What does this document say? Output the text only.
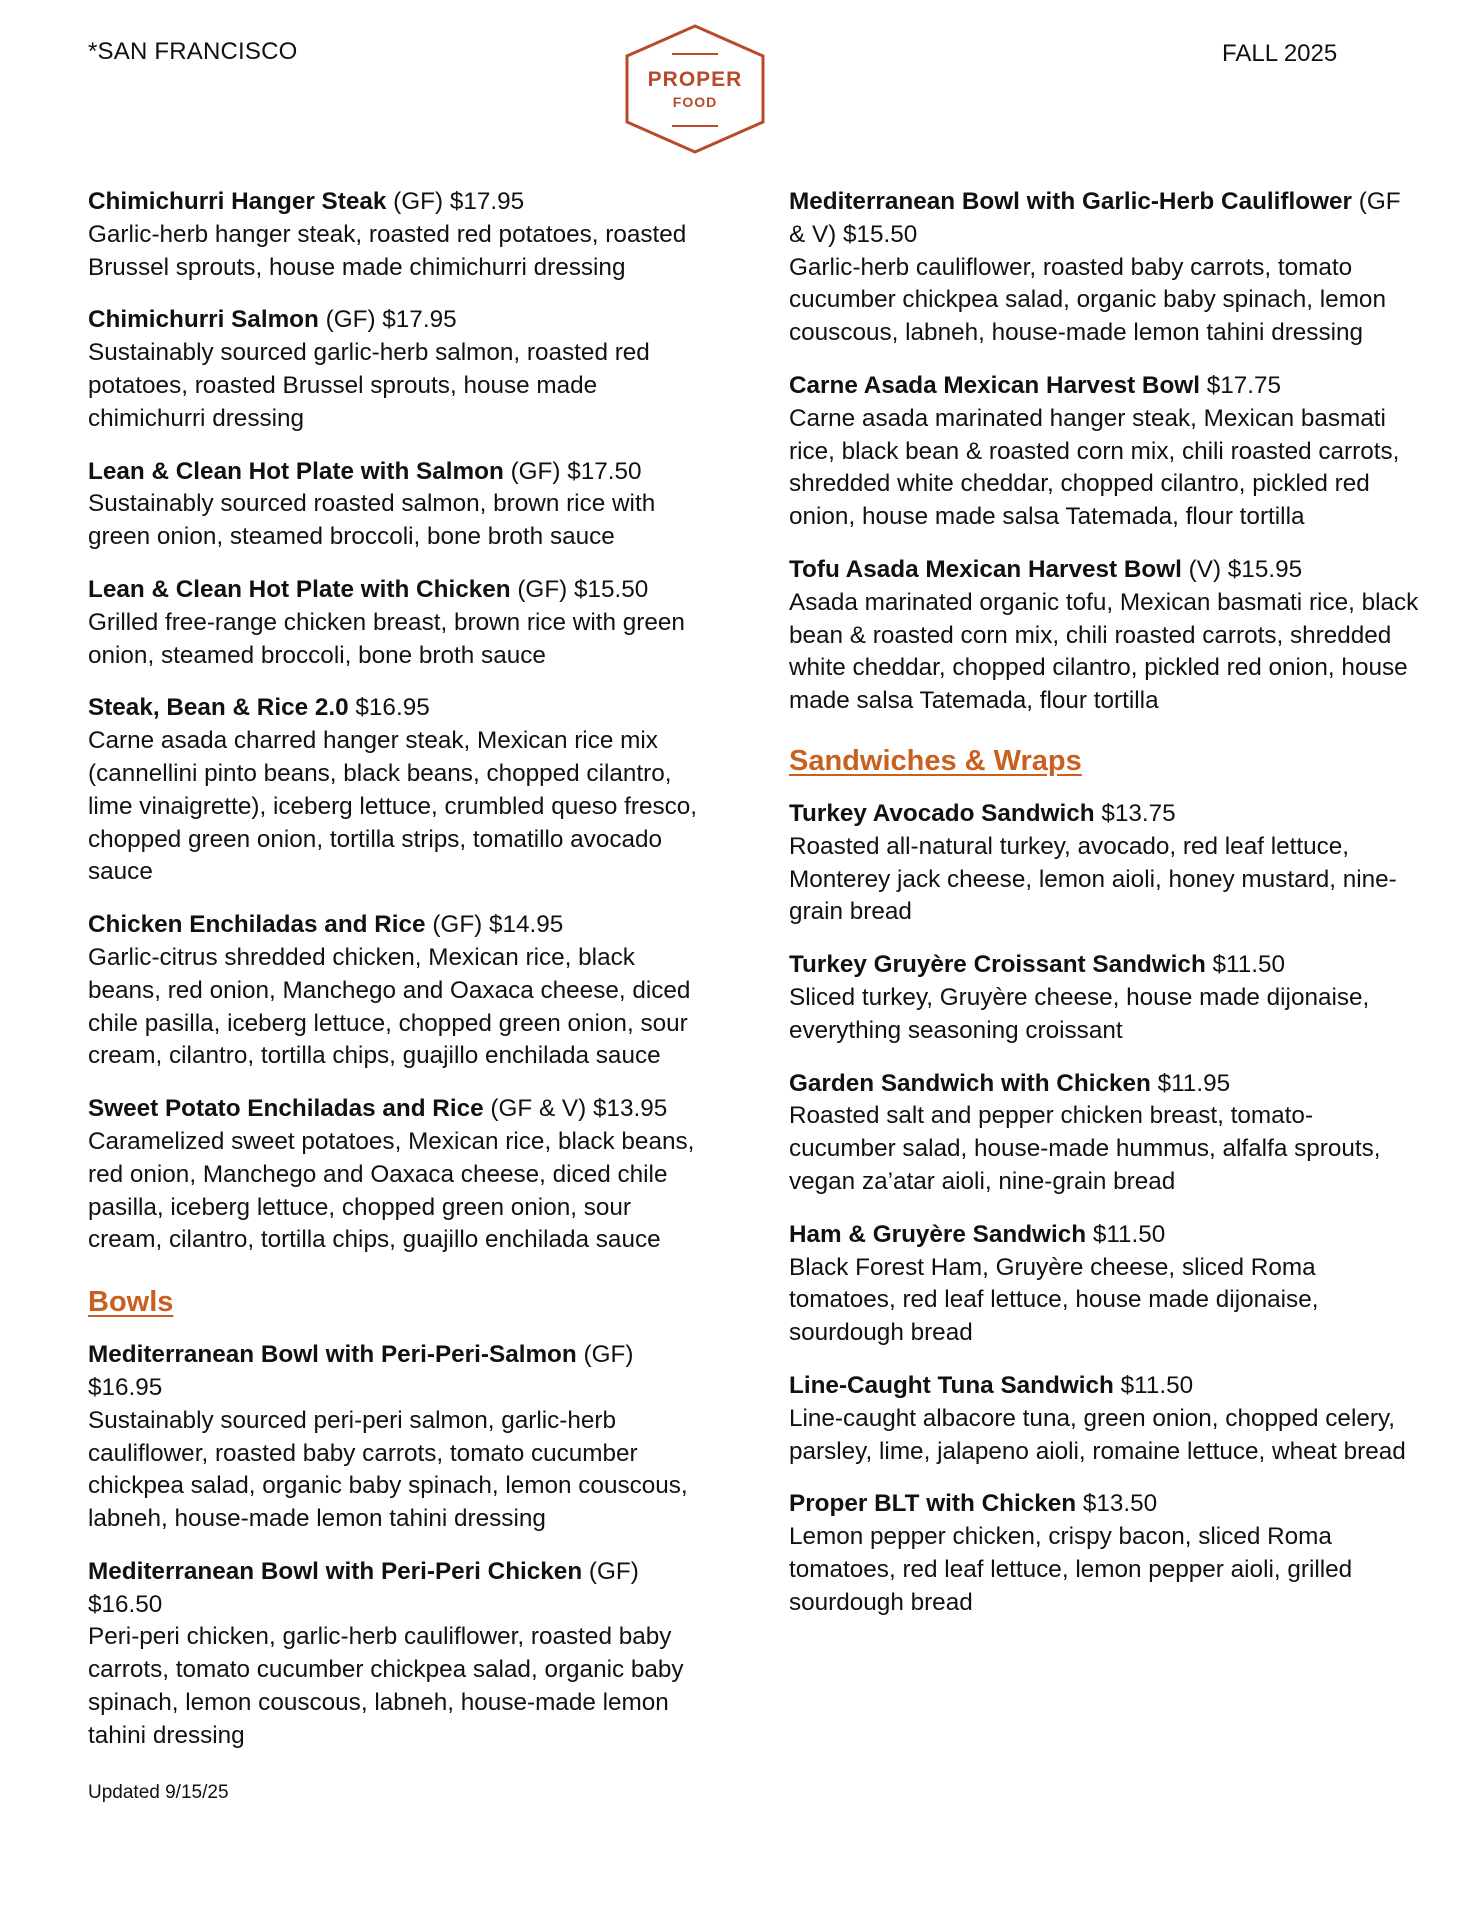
*SAN FRANCISCO
PROPER
FOOD
FALL 2025
Chimichurri Hanger Steak (GF) $17.95
Garlic-herb hanger steak, roasted red potatoes, roasted Brussel sprouts, house made chimichurri dressing
Chimichurri Salmon (GF) $17.95
Sustainably sourced garlic-herb salmon, roasted red potatoes, roasted Brussel sprouts, house made chimichurri dressing
Lean & Clean Hot Plate with Salmon (GF) $17.50
Sustainably sourced roasted salmon, brown rice with green onion, steamed broccoli, bone broth sauce
Lean & Clean Hot Plate with Chicken (GF) $15.50
Grilled free-range chicken breast, brown rice with green onion, steamed broccoli, bone broth sauce
Steak, Bean & Rice 2.0 $16.95
Carne asada charred hanger steak, Mexican rice mix (cannellini pinto beans, black beans, chopped cilantro, lime vinaigrette), iceberg lettuce, crumbled queso fresco, chopped green onion, tortilla strips, tomatillo avocado sauce
Chicken Enchiladas and Rice (GF) $14.95
Garlic-citrus shredded chicken, Mexican rice, black beans, red onion, Manchego and Oaxaca cheese, diced chile pasilla, iceberg lettuce, chopped green onion, sour cream, cilantro, tortilla chips, guajillo enchilada sauce
Sweet Potato Enchiladas and Rice (GF & V) $13.95
Caramelized sweet potatoes, Mexican rice, black beans, red onion, Manchego and Oaxaca cheese, diced chile pasilla, iceberg lettuce, chopped green onion, sour cream, cilantro, tortilla chips, guajillo enchilada sauce
Bowls
Mediterranean Bowl with Peri-Peri-Salmon (GF) $16.95
Sustainably sourced peri-peri salmon, garlic-herb cauliflower, roasted baby carrots, tomato cucumber chickpea salad, organic baby spinach, lemon couscous, labneh, house-made lemon tahini dressing
Mediterranean Bowl with Peri-Peri Chicken (GF) $16.50
Peri-peri chicken, garlic-herb cauliflower, roasted baby carrots, tomato cucumber chickpea salad, organic baby spinach, lemon couscous, labneh, house-made lemon tahini dressing
Mediterranean Bowl with Garlic-Herb Cauliflower (GF & V) $15.50
Garlic-herb cauliflower, roasted baby carrots, tomato cucumber chickpea salad, organic baby spinach, lemon couscous, labneh, house-made lemon tahini dressing
Carne Asada Mexican Harvest Bowl $17.75
Carne asada marinated hanger steak, Mexican basmati rice, black bean & roasted corn mix, chili roasted carrots, shredded white cheddar, chopped cilantro, pickled red onion, house made salsa Tatemada, flour tortilla
Tofu Asada Mexican Harvest Bowl (V) $15.95
Asada marinated organic tofu, Mexican basmati rice, black bean & roasted corn mix, chili roasted carrots, shredded white cheddar, chopped cilantro, pickled red onion, house made salsa Tatemada, flour tortilla
Sandwiches & Wraps
Turkey Avocado Sandwich $13.75
Roasted all-natural turkey, avocado, red leaf lettuce, Monterey jack cheese, lemon aioli, honey mustard, nine-grain bread
Turkey Gruyère Croissant Sandwich $11.50
Sliced turkey, Gruyère cheese, house made dijonaise, everything seasoning croissant
Garden Sandwich with Chicken $11.95
Roasted salt and pepper chicken breast, tomato-cucumber salad, house-made hummus, alfalfa sprouts, vegan za’atar aioli, nine-grain bread
Ham & Gruyère Sandwich $11.50
Black Forest Ham, Gruyère cheese, sliced Roma tomatoes, red leaf lettuce, house made dijonaise, sourdough bread
Line-Caught Tuna Sandwich $11.50
Line-caught albacore tuna, green onion, chopped celery, parsley, lime, jalapeno aioli, romaine lettuce, wheat bread
Proper BLT with Chicken $13.50
Lemon pepper chicken, crispy bacon, sliced Roma tomatoes, red leaf lettuce, lemon pepper aioli, grilled sourdough bread
Updated 9/15/25
